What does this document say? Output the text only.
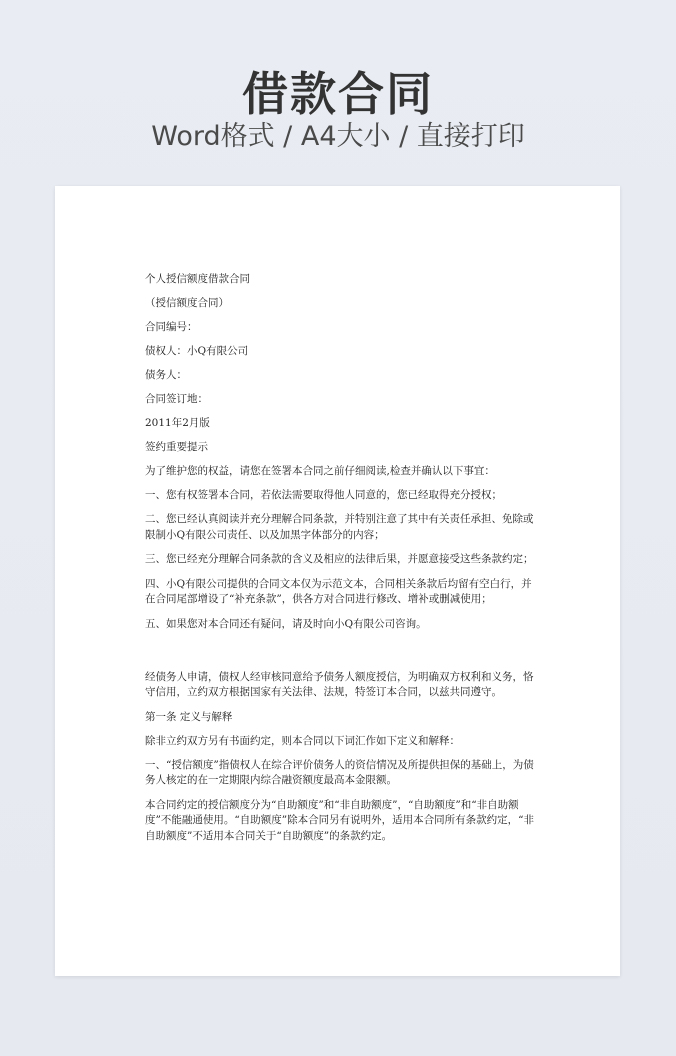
借款合同
Word格式 / A4大小 / 直接打印

个人授信额度借款合同

（授信额度合同）

合同编号：

债权人：小Q有限公司

债务人：

合同签订地：

2011年2月版

签约重要提示

为了维护您的权益，请您在签署本合同之前仔细阅读,检查并确认以下事宜：

一、您有权签署本合同，若依法需要取得他人同意的，您已经取得充分授权；

二、您已经认真阅读并充分理解合同条款，并特别注意了其中有关责任承担、免除或限制小Q有限公司责任、以及加黑字体部分的内容；

三、您已经充分理解合同条款的含义及相应的法律后果，并愿意接受这些条款约定；

四、小Q有限公司提供的合同文本仅为示范文本，合同相关条款后均留有空白行，并在合同尾部增设了“补充条款”，供各方对合同进行修改、增补或删减使用；

五、如果您对本合同还有疑问，请及时向小Q有限公司咨询。

经债务人申请，债权人经审核同意给予债务人额度授信，为明确双方权利和义务，恪守信用，立约双方根据国家有关法律、法规，特签订本合同，以兹共同遵守。

第一条 定义与解释

除非立约双方另有书面约定，则本合同以下词汇作如下定义和解释：

一、“授信额度”指债权人在综合评价债务人的资信情况及所提供担保的基础上，为债务人核定的在一定期限内综合融资额度最高本金限额。

本合同约定的授信额度分为“自助额度”和“非自助额度”，“自助额度”和“非自助额度”不能融通使用。“自助额度”除本合同另有说明外，适用本合同所有条款约定，“非自助额度”不适用本合同关于“自助额度”的条款约定。
